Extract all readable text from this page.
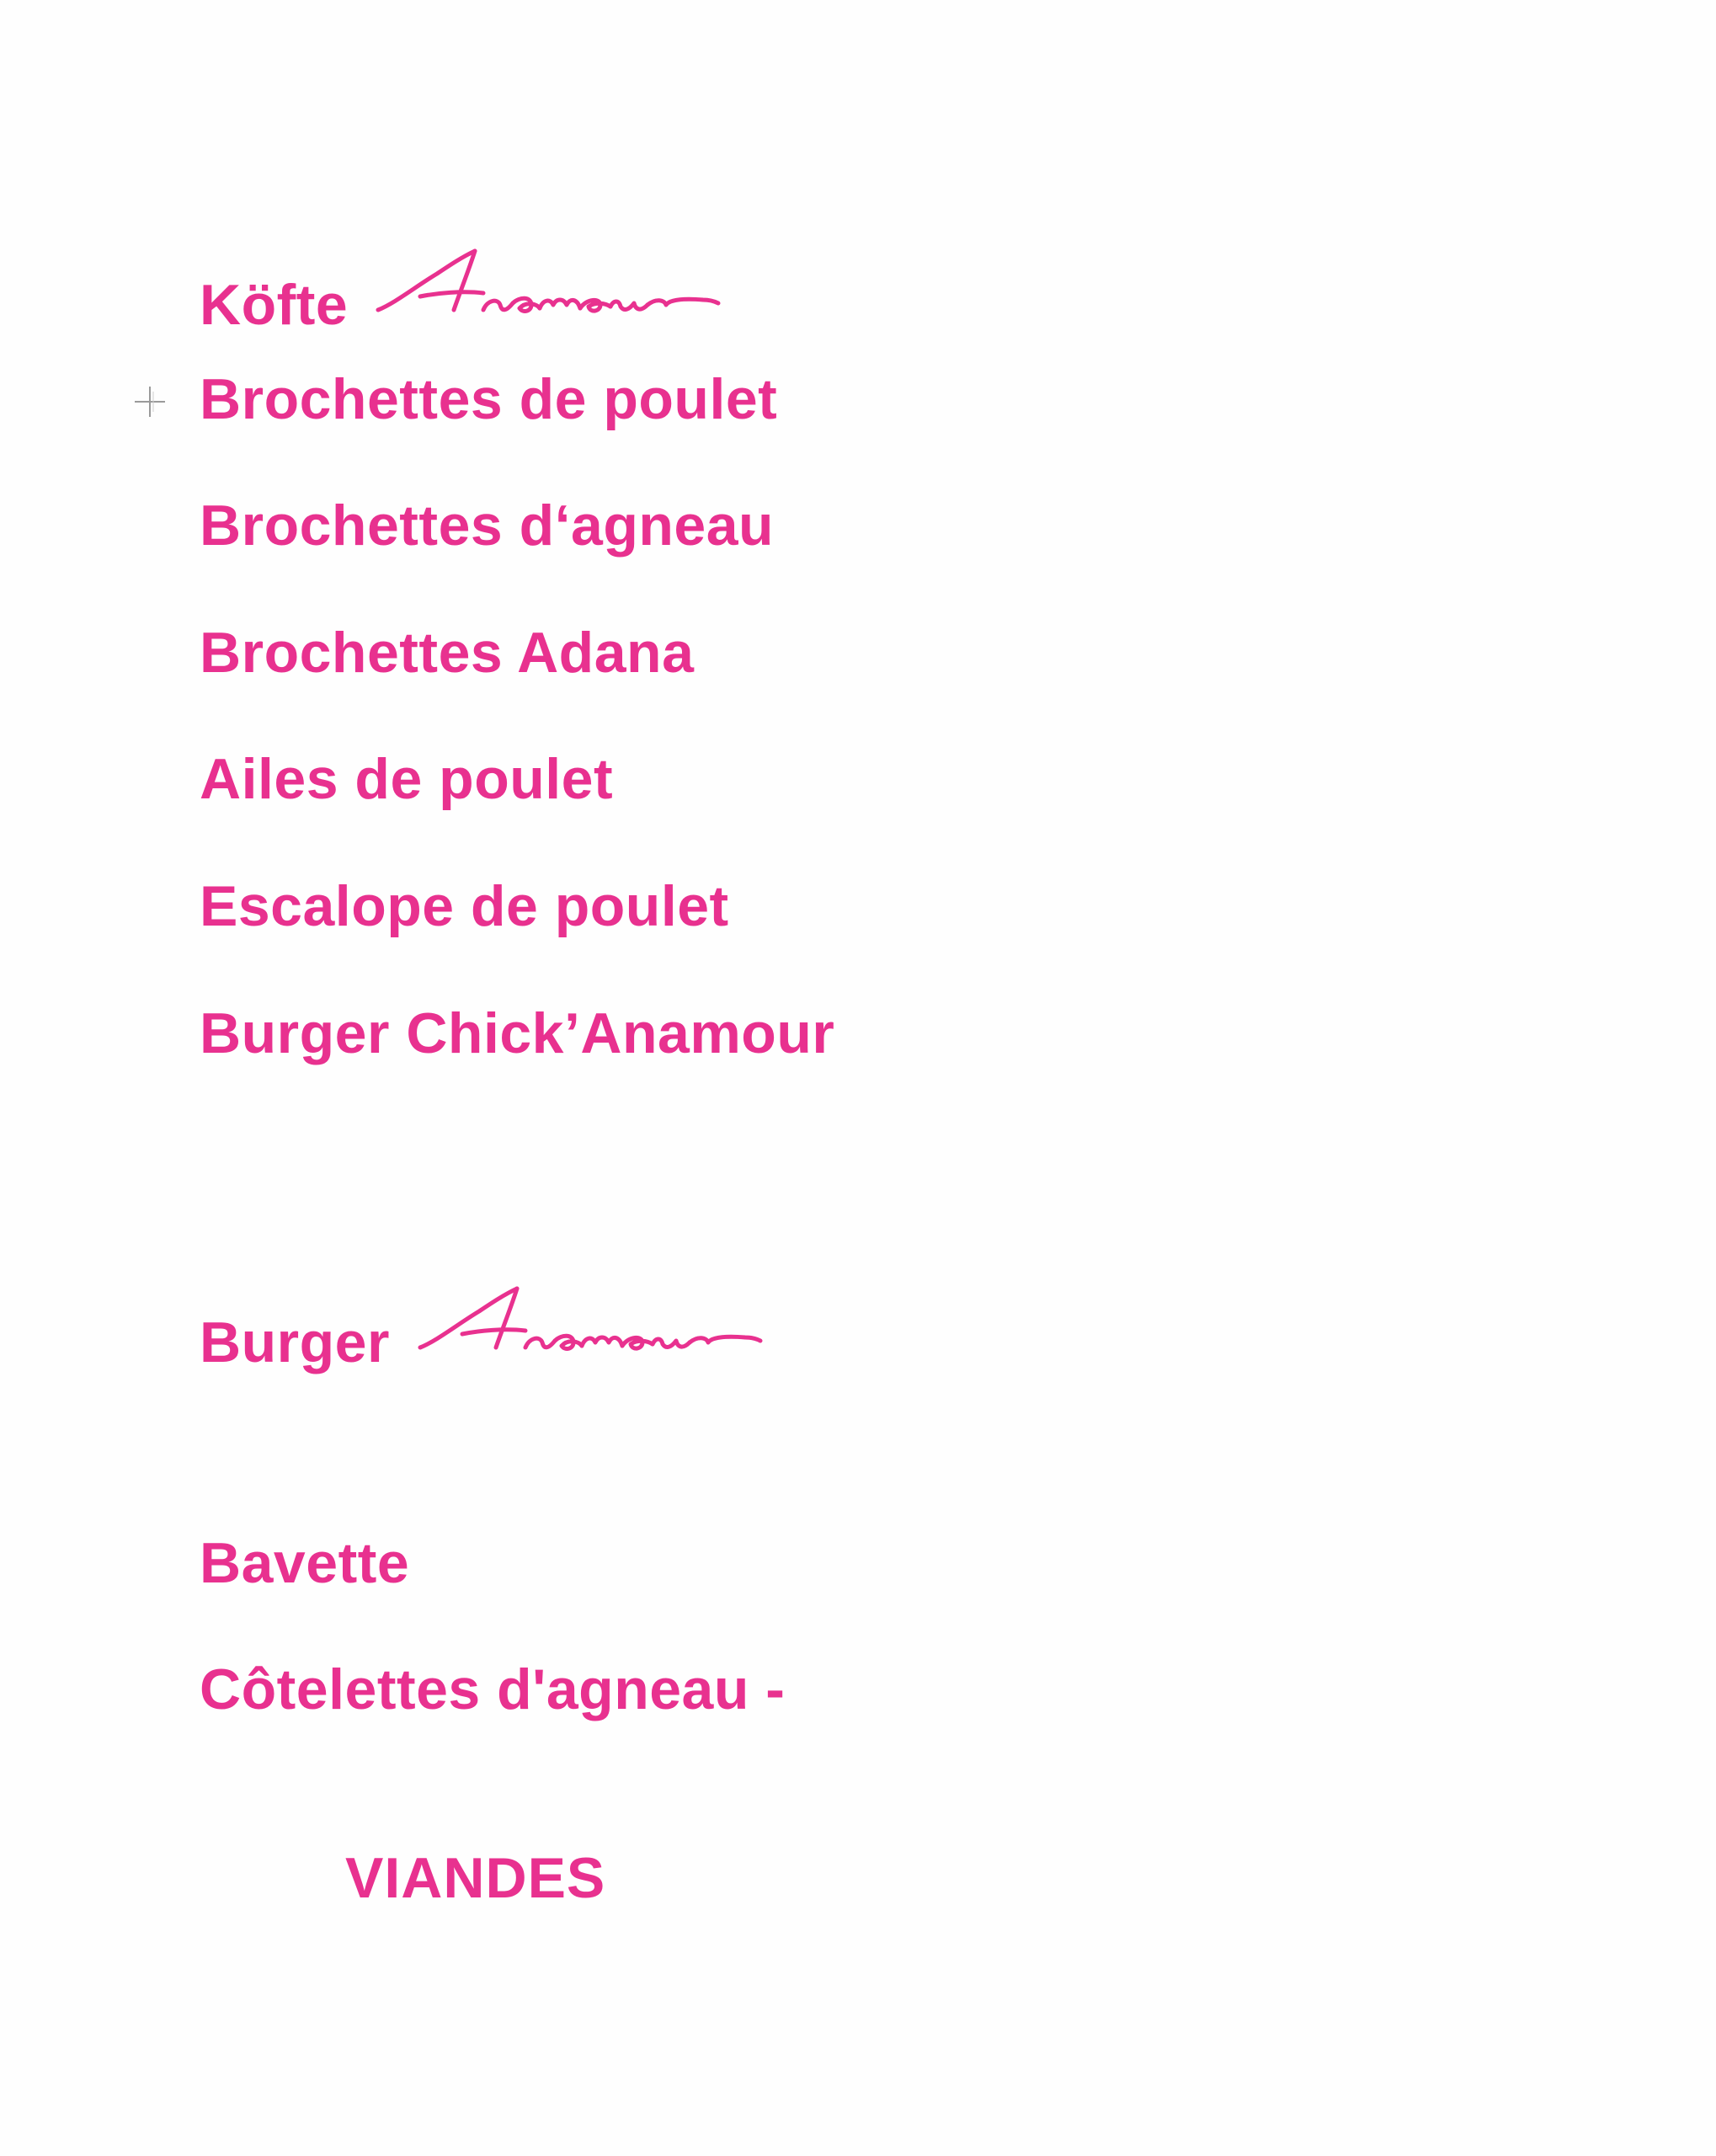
Köfte
Brochettes de poulet
Brochettes d‘agneau
Brochettes Adana
Ailes de poulet
Escalope de poulet
Burger Chick’Anamour
Burger
Bavette
Côtelettes d'agneau -
VIANDES
